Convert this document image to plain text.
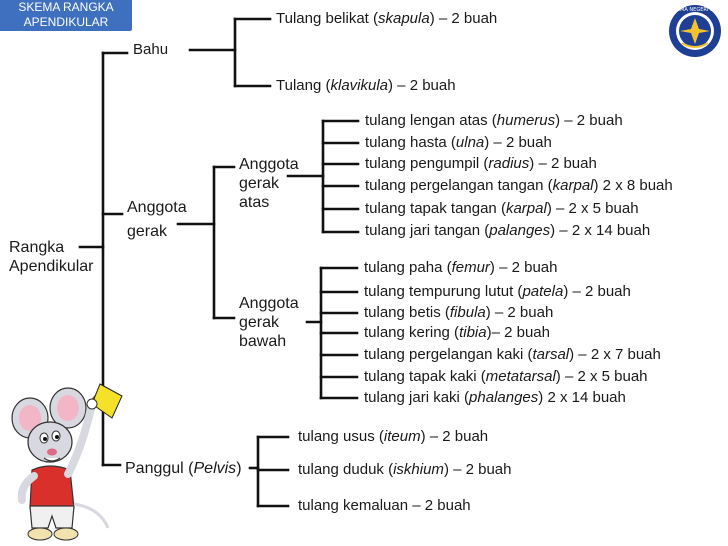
SKEMA RANGKA
APENDIKULAR
SMA NEGERI 1
Rangka
Apendikular
Bahu
Tulang belikat (skapula) – 2 buah
Tulang (klavikula) – 2 buah
Anggota
gerak
Anggota
gerak
atas
tulang lengan atas (humerus) – 2 buah
tulang hasta (ulna) – 2 buah
tulang pengumpil (radius) – 2 buah
tulang pergelangan tangan (karpal) 2 x 8 buah
tulang tapak tangan (karpal) – 2 x 5 buah
tulang jari tangan (palanges) – 2 x 14 buah
Anggota
gerak
bawah
tulang paha (femur) – 2 buah
tulang tempurung lutut (patela) – 2 buah
tulang betis (fibula) – 2 buah
tulang kering (tibia)– 2 buah
tulang pergelangan kaki (tarsal) – 2 x 7 buah
tulang tapak kaki (metatarsal) – 2 x 5 buah
tulang jari kaki (phalanges) 2 x 14 buah
Panggul (Pelvis)
tulang usus (iteum) – 2 buah
tulang duduk (iskhium) – 2 buah
tulang kemaluan – 2 buah
